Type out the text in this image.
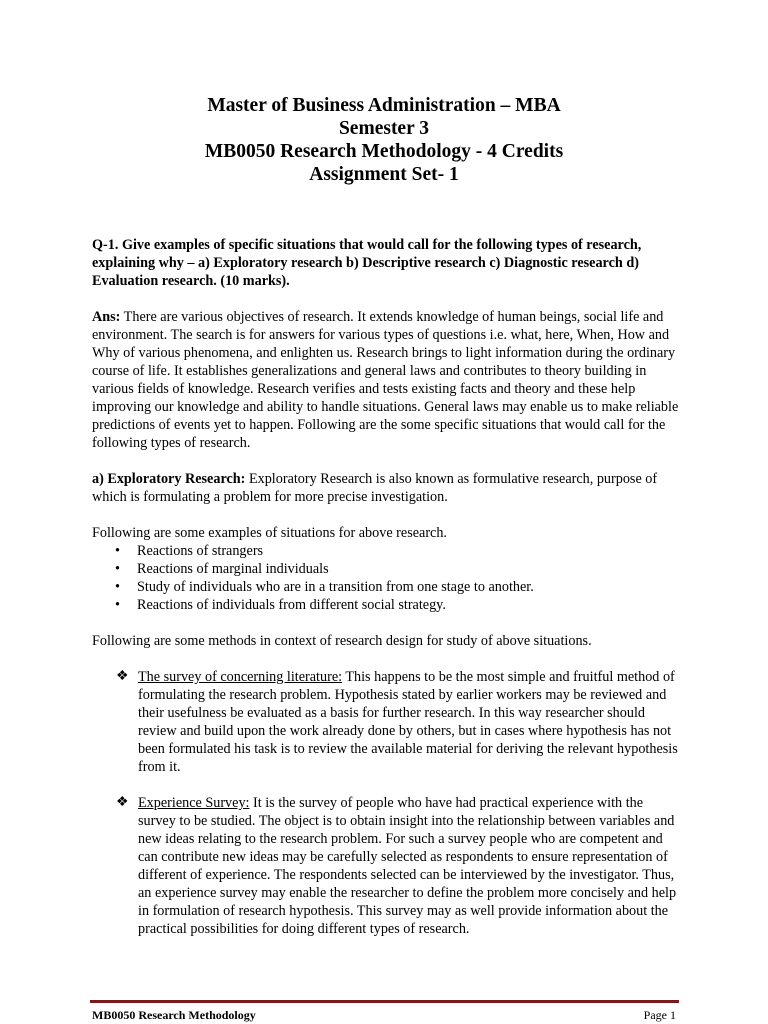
Master of Business Administration – MBA
Semester 3
MB0050 Research Methodology - 4 Credits
Assignment Set- 1

Q-1. Give examples of specific situations that would call for the following types of research, explaining why – a) Exploratory research b) Descriptive research c) Diagnostic research d) Evaluation research. (10 marks).

Ans: There are various objectives of research. It extends knowledge of human beings, social life and environment. The search is for answers for various types of questions i.e. what, here, When, How and Why of various phenomena, and enlighten us. Research brings to light information during the ordinary course of life. It establishes generalizations and general laws and contributes to theory building in various fields of knowledge. Research verifies and tests existing facts and theory and these help improving our knowledge and ability to handle situations. General laws may enable us to make reliable predictions of events yet to happen. Following are the some specific situations that would call for the following types of research.

a) Exploratory Research: Exploratory Research is also known as formulative research, purpose of which is formulating a problem for more precise investigation.

Following are some examples of situations for above research.
• Reactions of strangers
• Reactions of marginal individuals
• Study of individuals who are in a transition from one stage to another.
• Reactions of individuals from different social strategy.

Following are some methods in context of research design for study of above situations.

❖ The survey of concerning literature: This happens to be the most simple and fruitful method of formulating the research problem. Hypothesis stated by earlier workers may be reviewed and their usefulness be evaluated as a basis for further research. In this way researcher should review and build upon the work already done by others, but in cases where hypothesis has not been formulated his task is to review the available material for deriving the relevant hypothesis from it.
❖ Experience Survey: It is the survey of people who have had practical experience with the survey to be studied. The object is to obtain insight into the relationship between variables and new ideas relating to the research problem. For such a survey people who are competent and can contribute new ideas may be carefully selected as respondents to ensure representation of different of experience. The respondents selected can be interviewed by the investigator. Thus, an experience survey may enable the researcher to define the problem more concisely and help in formulation of research hypothesis. This survey may as well provide information about the practical possibilities for doing different types of research.
MB0050 Research Methodology	Page 1
